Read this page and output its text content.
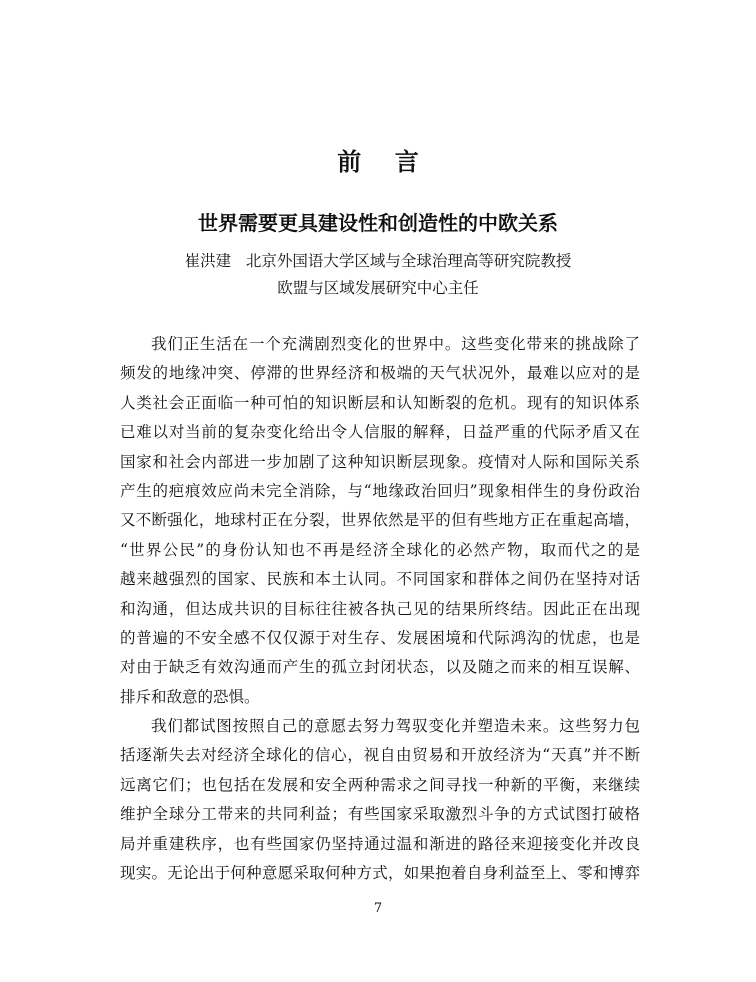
前    言
世界需要更具建设性和创造性的中欧关系
崔洪建   北京外国语大学区域与全球治理高等研究院教授
欧盟与区域发展研究中心主任
我们正生活在一个充满剧烈变化的世界中。这些变化带来的挑战除了
频发的地缘冲突、停滞的世界经济和极端的天气状况外，最难以应对的是
人类社会正面临一种可怕的知识断层和认知断裂的危机。现有的知识体系
已难以对当前的复杂变化给出令人信服的解释，日益严重的代际矛盾又在
国家和社会内部进一步加剧了这种知识断层现象。疫情对人际和国际关系
产生的疤痕效应尚未完全消除，与“地缘政治回归”现象相伴生的身份政治
又不断强化，地球村正在分裂，世界依然是平的但有些地方正在重起高墙，
“世界公民”的身份认知也不再是经济全球化的必然产物，取而代之的是
越来越强烈的国家、民族和本土认同。不同国家和群体之间仍在坚持对话
和沟通，但达成共识的目标往往被各执己见的结果所终结。因此正在出现
的普遍的不安全感不仅仅源于对生存、发展困境和代际鸿沟的忧虑，也是
对由于缺乏有效沟通而产生的孤立封闭状态，以及随之而来的相互误解、
排斥和敌意的恐惧。
我们都试图按照自己的意愿去努力驾驭变化并塑造未来。这些努力包
括逐渐失去对经济全球化的信心，视自由贸易和开放经济为“天真”并不断
远离它们；也包括在发展和安全两种需求之间寻找一种新的平衡，来继续
维护全球分工带来的共同利益；有些国家采取激烈斗争的方式试图打破格
局并重建秩序，也有些国家仍坚持通过温和渐进的路径来迎接变化并改良
现实。无论出于何种意愿采取何种方式，如果抱着自身利益至上、零和博弈
7
